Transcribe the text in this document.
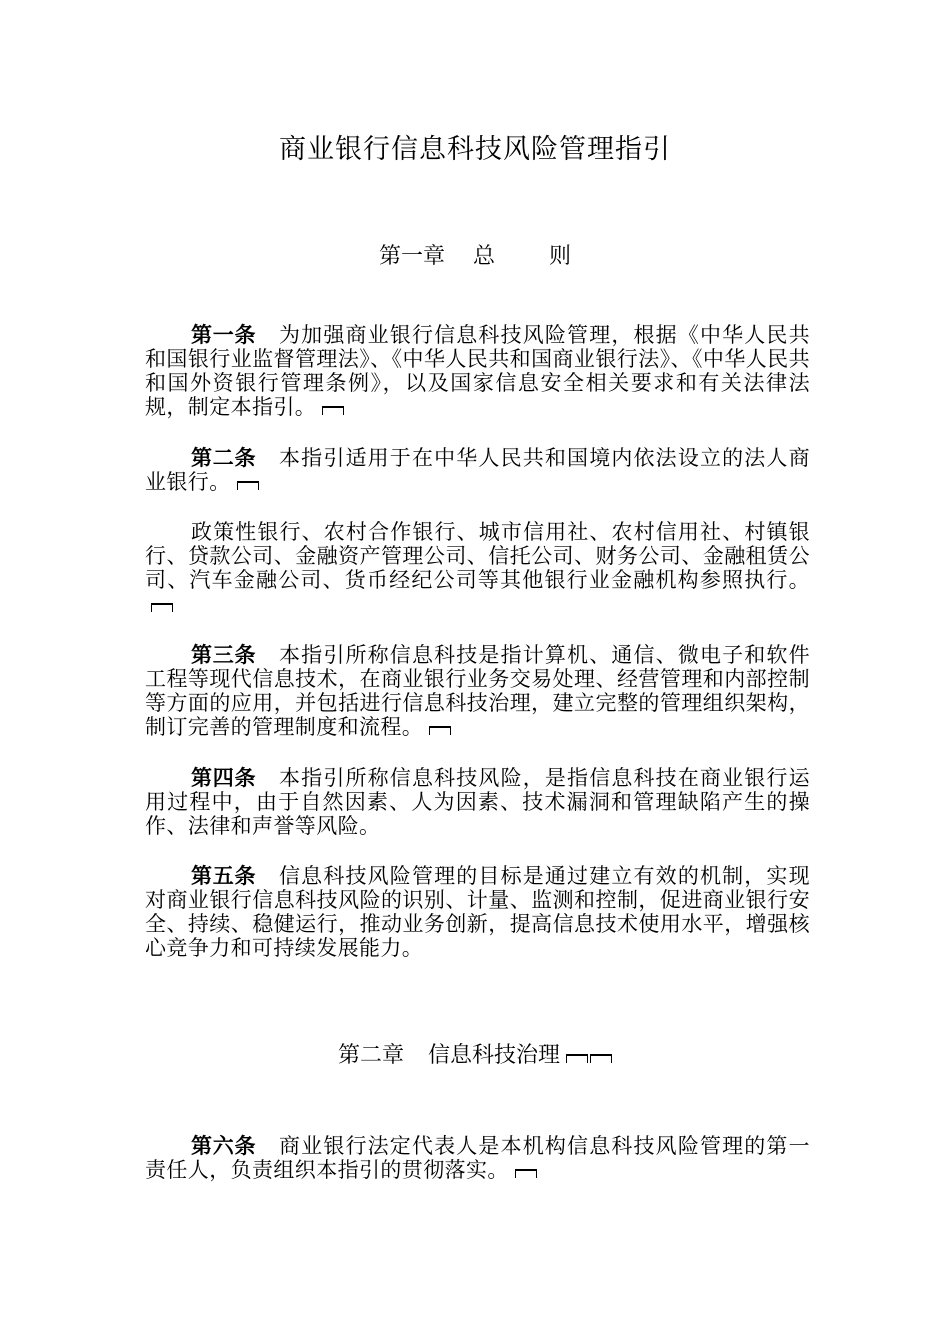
商业银行信息科技风险管理指引
第一章 总 则

第一条 为加强商业银行信息科技风险管理，根据《中华人民共和国银行业监督管理法》、《中华人民共和国商业银行法》、《中华人民共和国外资银行管理条例》，以及国家信息安全相关要求和有关法律法规，制定本指引。

第二条 本指引适用于在中华人民共和国境内依法设立的法人商业银行。

政策性银行、农村合作银行、城市信用社、农村信用社、村镇银行、贷款公司、金融资产管理公司、信托公司、财务公司、金融租赁公司、汽车金融公司、货币经纪公司等其他银行业金融机构参照执行。

第三条 本指引所称信息科技是指计算机、通信、微电子和软件工程等现代信息技术，在商业银行业务交易处理、经营管理和内部控制等方面的应用，并包括进行信息科技治理，建立完整的管理组织架构，制订完善的管理制度和流程。

第四条 本指引所称信息科技风险，是指信息科技在商业银行运用过程中，由于自然因素、人为因素、技术漏洞和管理缺陷产生的操作、法律和声誉等风险。

第五条 信息科技风险管理的目标是通过建立有效的机制，实现对商业银行信息科技风险的识别、计量、监测和控制，促进商业银行安全、持续、稳健运行，推动业务创新，提高信息技术使用水平，增强核心竞争力和可持续发展能力。

第二章 信息科技治理

第六条 商业银行法定代表人是本机构信息科技风险管理的第一责任人，负责组织本指引的贯彻落实。
